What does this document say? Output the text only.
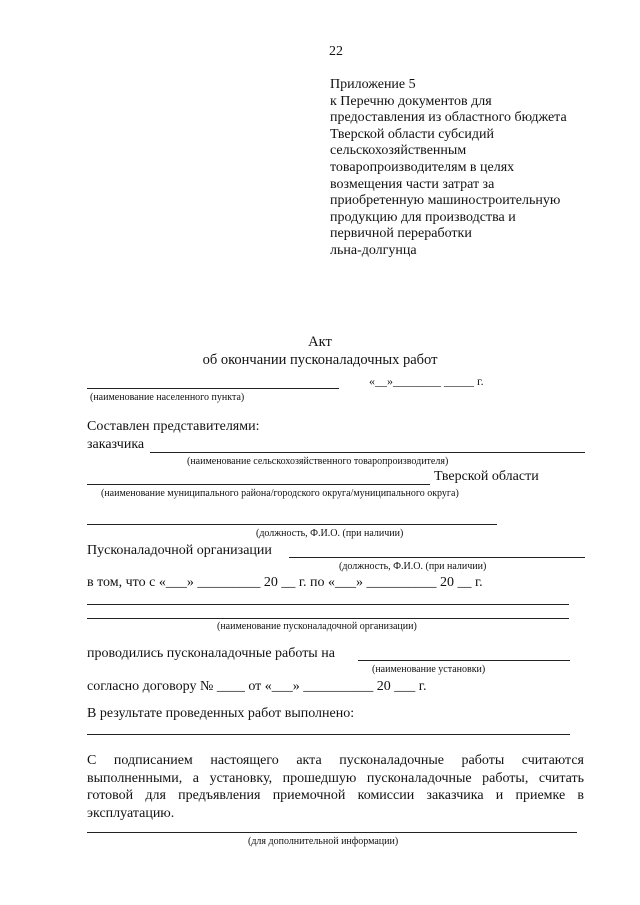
22
Приложение 5
к Перечню документов для
предоставления из областного бюджета
Тверской области субсидий
сельскохозяйственным
товаропроизводителям в целях
возмещения части затрат за
приобретенную машиностроительную
продукцию для производства и
первичной переработки
льна-долгунца
Акт
об окончании пусконаладочных работ
«__»________ _____ г.
(наименование населенного пункта)
Составлен представителями:
заказчика
(наименование сельскохозяйственного товаропроизводителя)
Тверской области
(наименование муниципального района/городского округа/муниципального округа)
(должность, Ф.И.О. (при наличии)
Пусконаладочной организации
(должность, Ф.И.О. (при наличии)
в том, что с «___» _________ 20 __ г. по «___» __________ 20 __ г.
(наименование пусконаладочной организации)
проводились пусконаладочные работы на
(наименование установки)
согласно договору № ____ от «___» __________ 20 ___ г.
В результате проведенных работ выполнено:
С подписанием настоящего акта пусконаладочные работы считаются выполненными, а установку, прошедшую пусконаладочные работы, считать готовой для предъявления приемочной комиссии заказчика и приемке в эксплуатацию.
(для дополнительной информации)
